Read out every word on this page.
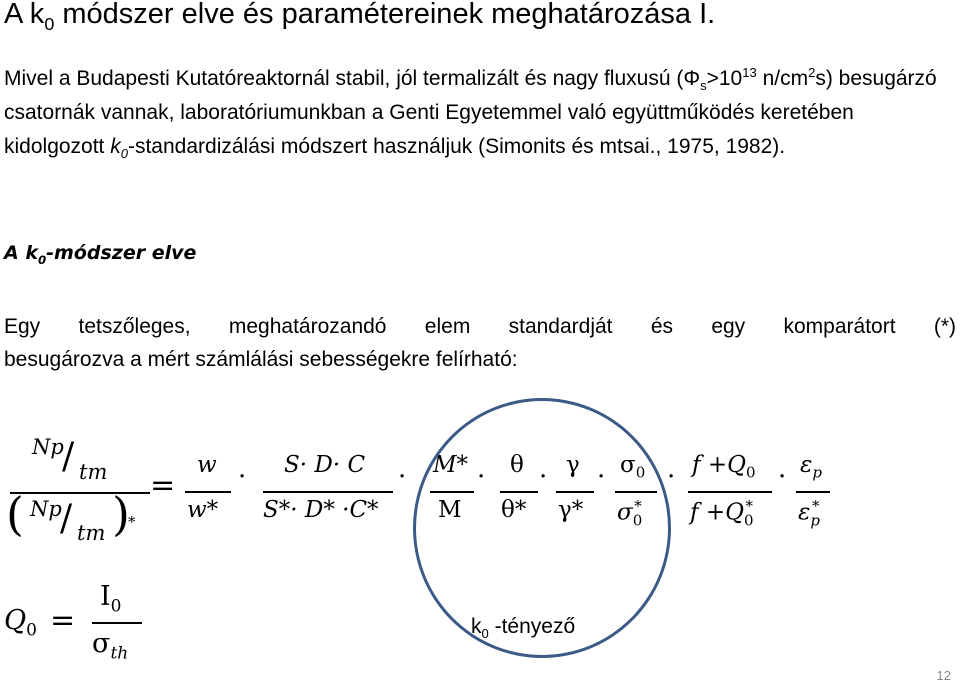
A $k_0$ módszer elve és paramétereinek meghatározása I.
Mivel a Budapesti Kutatóreaktornál stabil, jól termalizált és nagy fluxusú ($\Phi_s>10^{13}$ $n/cm^2s$) besugárzó csatornák vannak, laboratóriumunkban a Genti Egyetemmel való együttműködés keretében kidolgozott $k_0$-standardizálási módszert használjuk (Simonits és mtsai., 1975, 1982).
A $k_0$-módszer elve
Egy tetszőleges, meghatározandó elem standardját és egy komparátort (*)
besugározva a mért számlálási sebességekre felírható:
Np
/ tm
( Np
/ tm )
*
=
w
w*
· S· D· C
S*· D* ·C*
· M*
M
· θ
θ*
· γ
γ*
· $\sigma_0$
$\sigma_0^*$
· $f +Q_0$
$f +Q_0^*$
· $\varepsilon_p$
$\varepsilon_p^*$
$Q_0$ =
$I_0$
$\sigma_{th}$
$k_0$ -tényező
12
